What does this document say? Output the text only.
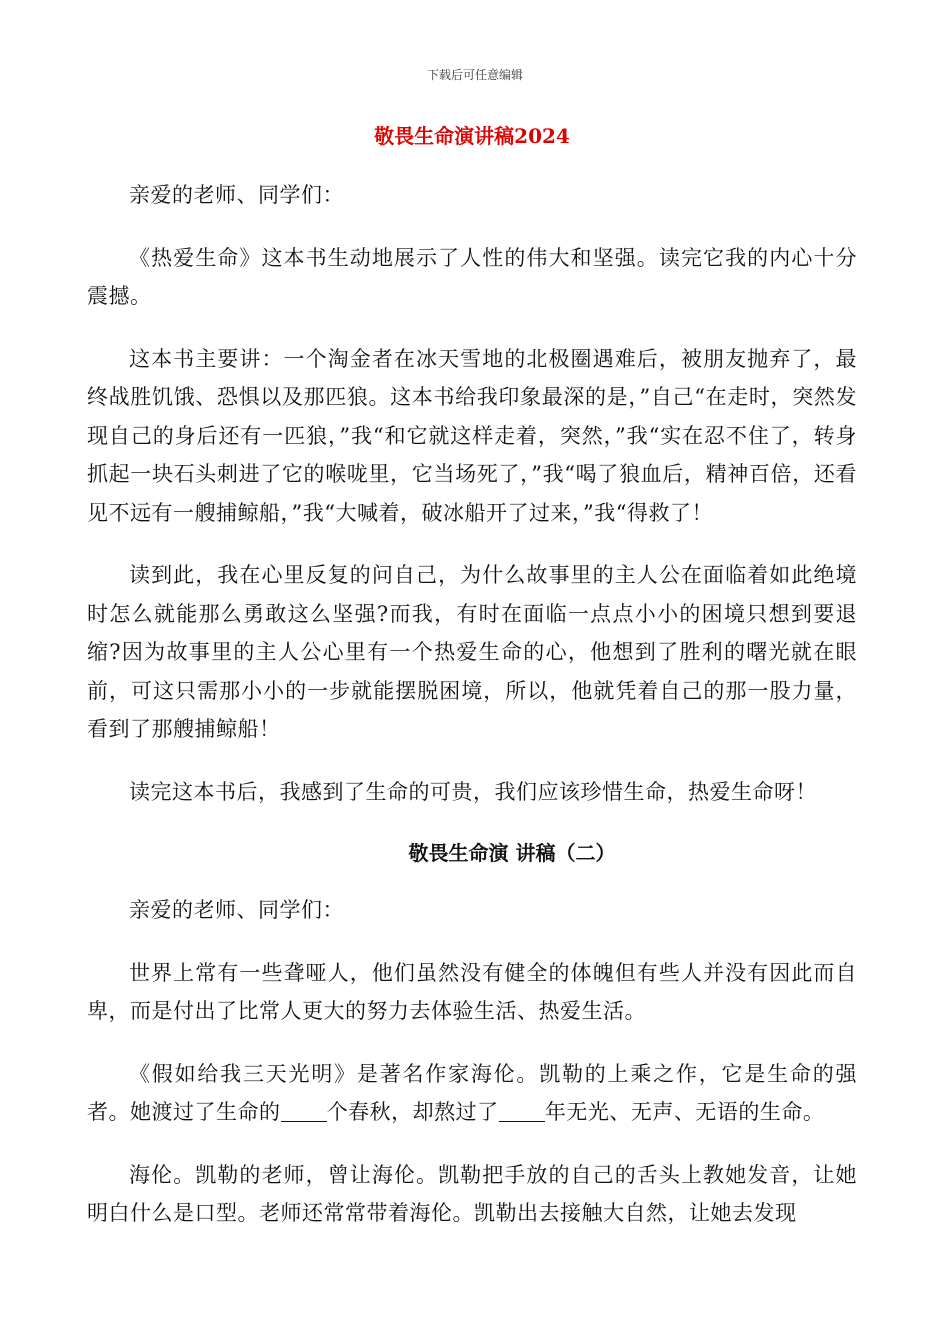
下载后可任意编辑
敬畏生命演讲稿2024

亲爱的老师、同学们：

《热爱生命》这本书生动地展示了人性的伟大和坚强。读完它我的内心十分震撼。

这本书主要讲：一个淘金者在冰天雪地的北极圈遇难后，被朋友抛弃了，最终战胜饥饿、恐惧以及那匹狼。这本书给我印象最深的是，”自己“在走时，突然发现自己的身后还有一匹狼，”我“和它就这样走着，突然，”我“实在忍不住了，转身抓起一块石头刺进了它的喉咙里，它当场死了，”我“喝了狼血后，精神百倍，还看见不远有一艘捕鲸船，”我“大喊着，破冰船开了过来，”我“得救了！

读到此，我在心里反复的问自己，为什么故事里的主人公在面临着如此绝境时怎么就能那么勇敢这么坚强?而我，有时在面临一点点小小的困境只想到要退缩?因为故事里的主人公心里有一个热爱生命的心，他想到了胜利的曙光就在眼前，可这只需那小小的一步就能摆脱困境，所以，他就凭着自己的那一股力量，看到了那艘捕鲸船！

读完这本书后，我感到了生命的可贵，我们应该珍惜生命，热爱生命呀！

敬畏生命演 讲稿（二）

亲爱的老师、同学们：

世界上常有一些聋哑人，他们虽然没有健全的体魄但有些人并没有因此而自卑，而是付出了比常人更大的努力去体验生活、热爱生活。

《假如给我三天光明》是著名作家海伦。凯勒的上乘之作，它是生命的强者。她渡过了生命的 个春秋，却熬过了 年无光、无声、无语的生命。

海伦。凯勒的老师，曾让海伦。凯勒把手放的自己的舌头上教她发音，让她明白什么是口型。老师还常常带着海伦。凯勒出去接触大自然，让她去发现
